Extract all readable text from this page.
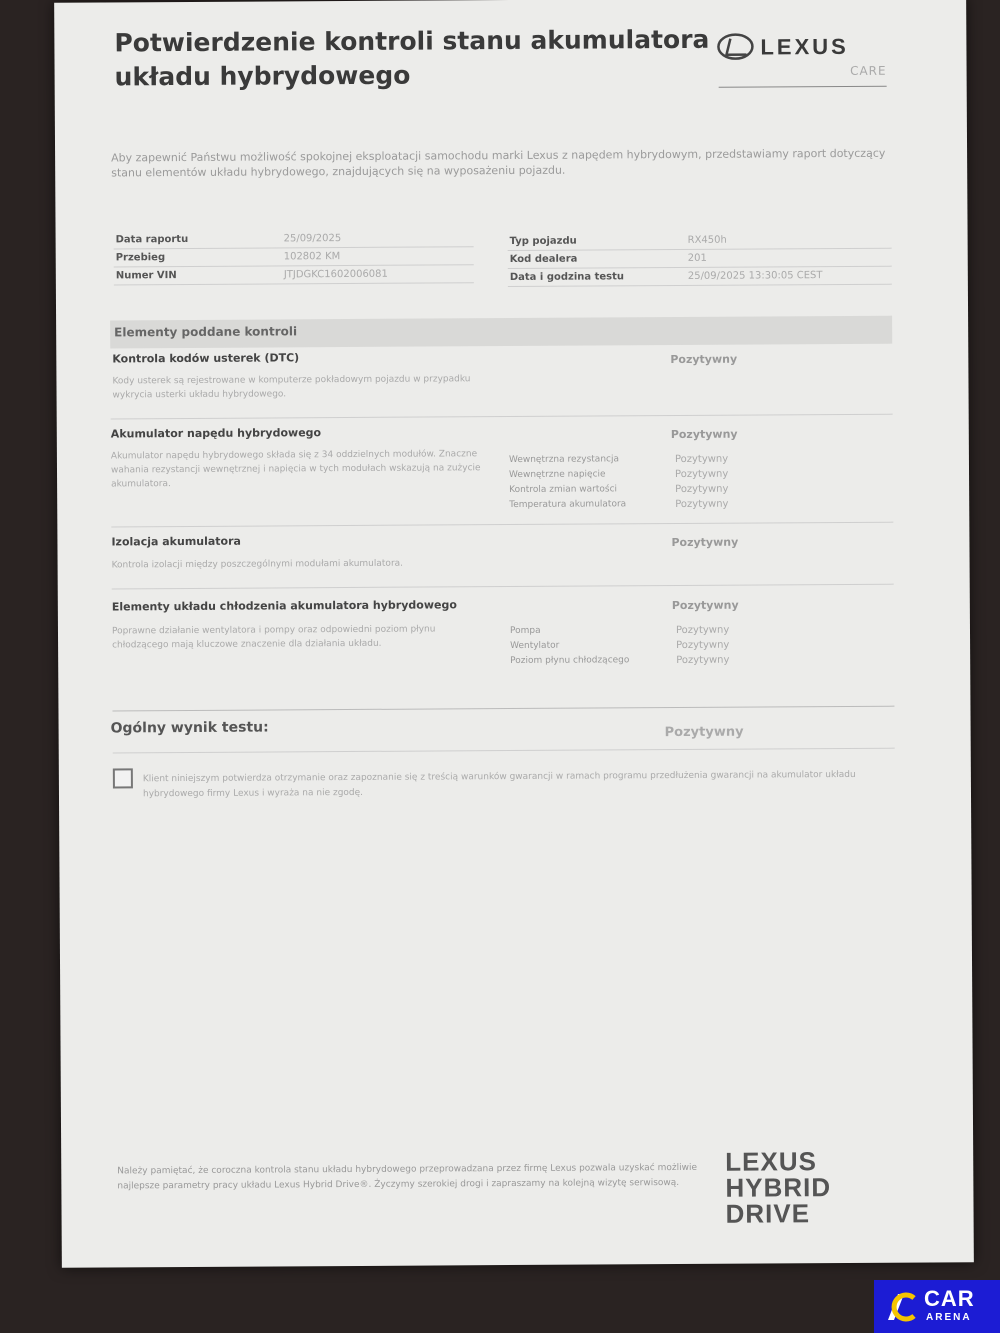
Potwierdzenie kontroli stanu akumulatora
układu hybrydowego
LEXUS
CARE
Aby zapewnić Państwu możliwość spokojnej eksploatacji samochodu marki Lexus z napędem hybrydowym, przedstawiamy raport dotyczący stanu elementów układu hybrydowego, znajdujących się na wyposażeniu pojazdu.
Data raportu	25/09/2025
Przebieg	102802 KM
Numer VIN	JTJDGKC1602006081
Typ pojazdu	RX450h
Kod dealera	201
Data i godzina testu	25/09/2025 13:30:05 CEST
Elementy poddane kontroli
Kontrola kodów usterek (DTC)
Kody usterek są rejestrowane w komputerze pokładowym pojazdu w przypadku wykrycia usterki układu hybrydowego.
Pozytywny
Akumulator napędu hybrydowego
Akumulator napędu hybrydowego składa się z 34 oddzielnych modułów. Znaczne wahania rezystancji wewnętrznej i napięcia w tych modułach wskazują na zużycie akumulatora.
Pozytywny
Wewnętrzna rezystancja	Pozytywny
Wewnętrzne napięcie	Pozytywny
Kontrola zmian wartości	Pozytywny
Temperatura akumulatora	Pozytywny
Izolacja akumulatora
Kontrola izolacji między poszczególnymi modułami akumulatora.
Pozytywny
Elementy układu chłodzenia akumulatora hybrydowego
Poprawne działanie wentylatora i pompy oraz odpowiedni poziom płynu chłodzącego mają kluczowe znaczenie dla działania układu.
Pozytywny
Pompa	Pozytywny
Wentylator	Pozytywny
Poziom płynu chłodzącego	Pozytywny
Ogólny wynik testu:	Pozytywny
Klient niniejszym potwierdza otrzymanie oraz zapoznanie się z treścią warunków gwarancji w ramach programu przedłużenia gwarancji na akumulator układu hybrydowego firmy Lexus i wyraża na nie zgodę.
Należy pamiętać, że coroczna kontrola stanu układu hybrydowego przeprowadzana przez firmę Lexus pozwala uzyskać możliwie najlepsze parametry pracy układu Lexus Hybrid Drive®. Życzymy szerokiej drogi i zapraszamy na kolejną wizytę serwisową.
LEXUS
HYBRID
DRIVE
CAR
ARENA
